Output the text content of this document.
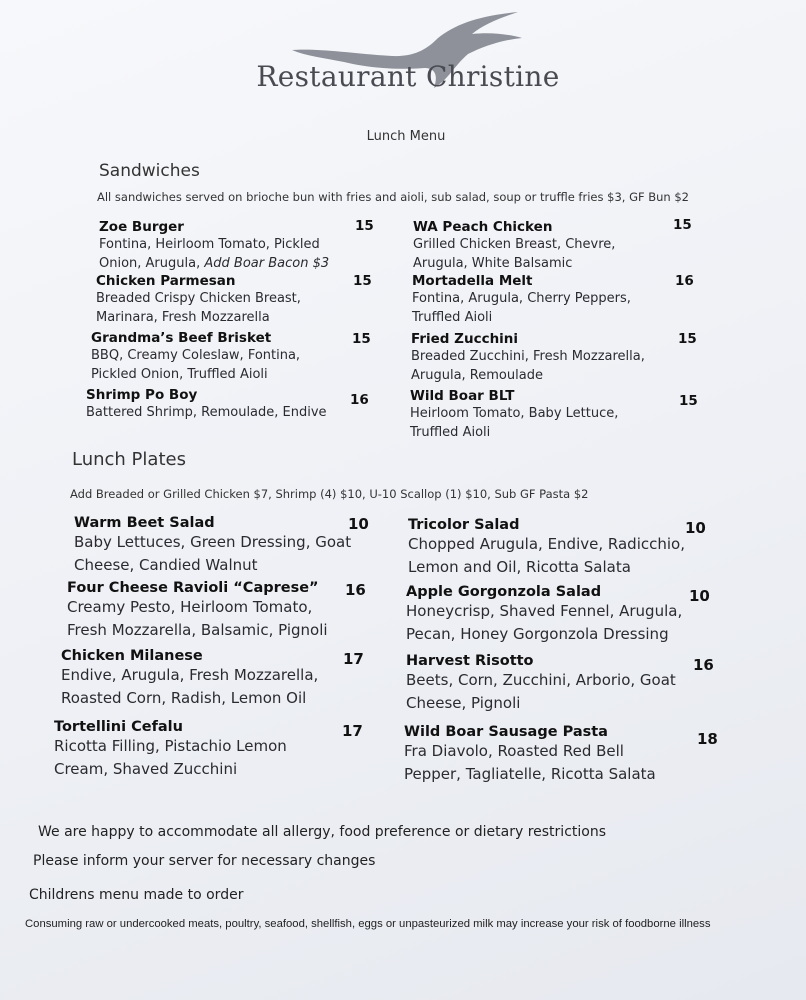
Restaurant Christine
Lunch Menu
Sandwiches
All sandwiches served on brioche bun with fries and aioli, sub salad, soup or truffle fries $3, GF Bun $2
Zoe Burger
Fontina, Heirloom Tomato, Pickled
Onion, Arugula, Add Boar Bacon $3
15
Chicken Parmesan
Breaded Crispy Chicken Breast,
Marinara, Fresh Mozzarella
15
Grandma’s Beef Brisket
BBQ, Creamy Coleslaw, Fontina,
Pickled Onion, Truffled Aioli
15
Shrimp Po Boy
Battered Shrimp, Remoulade, Endive
16
WA Peach Chicken
Grilled Chicken Breast, Chevre,
Arugula, White Balsamic
15
Mortadella Melt
Fontina, Arugula, Cherry Peppers,
Truffled Aioli
16
Fried Zucchini
Breaded Zucchini, Fresh Mozzarella,
Arugula, Remoulade
15
Wild Boar BLT
Heirloom Tomato, Baby Lettuce,
Truffled Aioli
15
Lunch Plates
Add Breaded or Grilled Chicken $7, Shrimp (4) $10, U-10 Scallop (1) $10, Sub GF Pasta $2
Warm Beet Salad
Baby Lettuces, Green Dressing, Goat
Cheese, Candied Walnut
10
Four Cheese Ravioli “Caprese”
Creamy Pesto, Heirloom Tomato,
Fresh Mozzarella, Balsamic, Pignoli
16
Chicken Milanese
Endive, Arugula, Fresh Mozzarella,
Roasted Corn, Radish, Lemon Oil
17
Tortellini Cefalu
Ricotta Filling, Pistachio Lemon
Cream, Shaved Zucchini
17
Tricolor Salad
Chopped Arugula, Endive, Radicchio,
Lemon and Oil, Ricotta Salata
10
Apple Gorgonzola Salad
Honeycrisp, Shaved Fennel, Arugula,
Pecan, Honey Gorgonzola Dressing
10
Harvest Risotto
Beets, Corn, Zucchini, Arborio, Goat
Cheese, Pignoli
16
Wild Boar Sausage Pasta
Fra Diavolo, Roasted Red Bell
Pepper, Tagliatelle, Ricotta Salata
18
We are happy to accommodate all allergy, food preference or dietary restrictions
Please inform your server for necessary changes
Childrens menu made to order
Consuming raw or undercooked meats, poultry, seafood, shellfish, eggs or unpasteurized milk may increase your risk of foodborne illness
